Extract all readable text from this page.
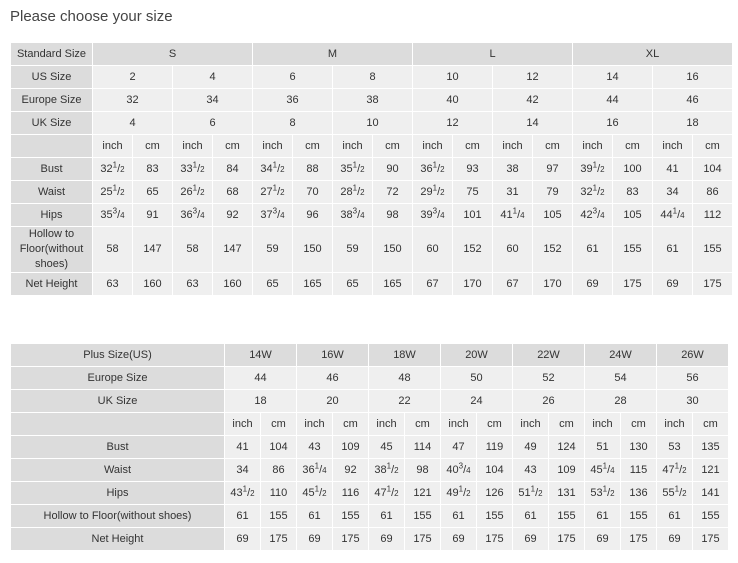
Please choose your size
Standard Size	S				M				L				XL			
US Size	2		4		6		8		10		12		14		16	
Europe Size	32		34		36		38		40		42		44		46	
UK Size	4		6		8		10		12		14		16		18	
	inch	cm	inch	cm	inch	cm	inch	cm	inch	cm	inch	cm	inch	cm	inch	cm
Bust	$32^1/2$	83	$33^1/2$	84	$34^1/2$	88	$35^1/2$	90	$36^1/2$	93	38	97	$39^1/2$	100	41	104
Waist	$25^1/2$	65	$26^1/2$	68	$27^1/2$	70	$28^1/2$	72	$29^1/2$	75	31	79	$32^1/2$	83	34	86
Hips	$35^3/4$	91	$36^3/4$	92	$37^3/4$	96	$38^3/4$	98	$39^3/4$	101	$41^1/4$	105	$42^3/4$	105	$44^1/4$	112
Hollow to Floor(without shoes)	58	147	58	147	59	150	59	150	60	152	60	152	61	155	61	155
Net Height	63	160	63	160	65	165	65	165	67	170	67	170	69	175	69	175
Plus Size(US)	14W		16W		18W		20W		22W		24W		26W	
Europe Size	44		46		48		50		52		54		56	
UK Size	18		20		22		24		26		28		30	
	inch	cm	inch	cm	inch	cm	inch	cm	inch	cm	inch	cm	inch	cm
Bust	41	104	43	109	45	114	47	119	49	124	51	130	53	135
Waist	34	86	$36^1/4$	92	$38^1/2$	98	$40^3/4$	104	43	109	$45^1/4$	115	$47^1/2$	121
Hips	$43^1/2$	110	$45^1/2$	116	$47^1/2$	121	$49^1/2$	126	$51^1/2$	131	$53^1/2$	136	$55^1/2$	141
Hollow to Floor(without shoes)	61	155	61	155	61	155	61	155	61	155	61	155	61	155
Net Height	69	175	69	175	69	175	69	175	69	175	69	175	69	175
